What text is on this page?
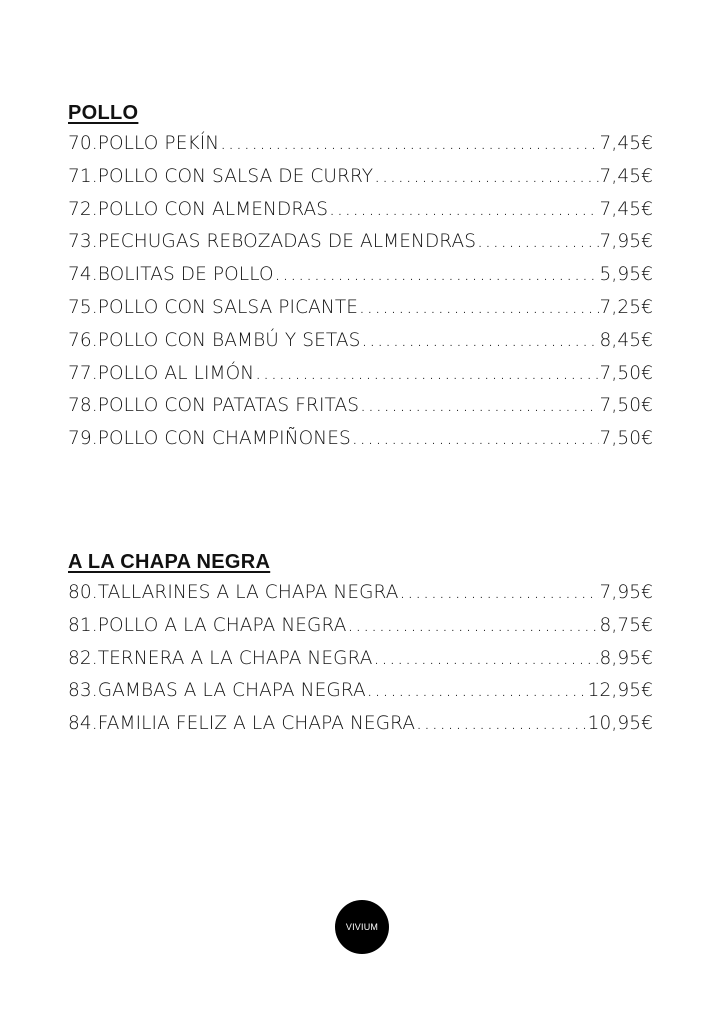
POLLO
70.POLLO PEKÍN .....	7,45€
71.POLLO CON SALSA DE CURRY .....	7,45€
72.POLLO CON ALMENDRAS .....	7,45€
73.PECHUGAS REBOZADAS DE ALMENDRAS .....	7,95€
74.BOLITAS DE POLLO .....	5,95€
75.POLLO CON SALSA PICANTE .....	7,25€
76.POLLO CON BAMBÚ Y SETAS .....	8,45€
77.POLLO AL LIMÓN .....	7,50€
78.POLLO CON PATATAS FRITAS .....	7,50€
79.POLLO CON CHAMPIÑONES .....	7,50€
A LA CHAPA NEGRA
80.TALLARINES A LA CHAPA NEGRA .....	7,95€
81.POLLO A LA CHAPA NEGRA .....	8,75€
82.TERNERA A LA CHAPA NEGRA .....	8,95€
83.GAMBAS A LA CHAPA NEGRA .....	12,95€
84.FAMILIA FELIZ A LA CHAPA NEGRA .....	10,95€
VIVIUM
